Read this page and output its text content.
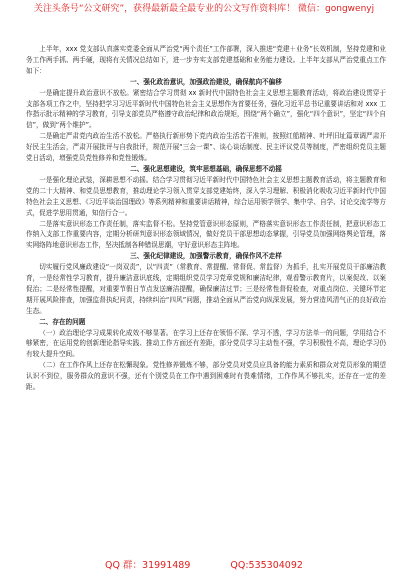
关注头条号“公文研究”，获得最新最全最专业的公文写作资料库！ 微信：gongwenyj

上半年，xxx 党支部认真落实党委全面从严治党“两个责任”工作部署，深入推进“党建＋业务”长效机制，坚持党建和业务工作两手抓、两手硬，现将有关情况总结如下，进一步夯实支部党建基础和业务能力建设。上半年支部从严治党重点工作如下：

一、强化政治意识，加强政治建设，确保航向不偏移

一是确定提升政治意识不放松。紧密结合学习贯彻 xx 新时代中国特色社会主义思想主题教育活动，将政治建设贯穿于支部各项工作之中，坚持把学习习近平新时代中国特色社会主义思想作为首要任务，强化习近平总书记重要讲话和对 xxx 工作指示批示精神的学习教育，引导支部党员严格遵守政治纪律和政治规矩，围绕“两个确立”，强化“四个意识”，坚定“四个自信”，做到“两个维护”。

二是确定严肃党内政治生活不放松。严格执行新形势下党内政治生活若干准则，按照红船精神、叶坪旧址篇章调严肃开好民主生活会，严肃开展批评与自我批评，规范开展“三会一课”、谈心谈话制度、民主评议党员等制度，严密组织党员主题党日活动，增强党员党性修养和党性锻炼。

二、强化思想建设，筑牢思想基础，确保思想不动摇

一是强化理论武装，深耕思想不动摇。结合学习贯彻习近平新时代中国特色社会主义思想主题教育活动，将主题教育和党的二十大精神、和党员思想教育，推动理论学习领入贯穿支部党建始终，深入学习理解、积极消化吸收习近平新时代中国特色社会主义思想、《习近平谈治国理政》等系列精神和重要讲话精神，综合运用领学领学、集中学、自学、讨论交流学等方式，促进学思用贯通，知信行合一。

二是落实意识形态工作责任制，落实监督不松。坚持党管意识形态原则，严格落实意识形态工作责任制，把意识形态工作纳入支部工作重要内容，定期分析研判意识形态领域情况，做好党员干部思想动态掌握，引导党员加强网络舆论管理，落实网络阵地意识形态工作，坚决抵制各种错误思潮，守好意识形态主阵地。

三、强化纪律建设，加强警示教育，确保作风不走样

切实履行党风廉政建设“一岗双责”，以“四责”（常教育、常提醒、常督促、常监督）为抓手，扎实开展党员干部廉洁教育，一是经常性学习教育，提升廉洁意识底线，定期组织党员学习党章党规和廉洁纪律，观看警示教育片，以案促改、以案促治；二是经常性提醒，对重要节假日节点发送廉洁提醒，确保廉洁过节；三是经常性督促检查，对重点岗位、关键环节定期开展风险排查，加强监督执纪问责，持续纠治“四风”问题，推动全面从严治党向纵深发展，努力营造风清气正的良好政治生态。

二、存在的问题

（一）政治理论学习成果转化成效不够显著。在学习上还存在领悟不深、学习不透，学习方法单一的问题，学用结合不够紧密，在运用党的创新理论指导实践、推动工作方面还有差距，部分党员学习主动性不强，学习积极性不高，理论学习仍有较大提升空间。

（二）在工作作风上还存在松懈现象。党性修养锻炼不够，部分党员对党员应具备的能力素质和群众对党员形象的期望认识不到位，服务群众的意识不强，还有个别党员在工作中遇到困难时有畏难情绪，工作作风不够扎实，还存在一定的差距。

QQ 群：31991489	QQ:535304092
